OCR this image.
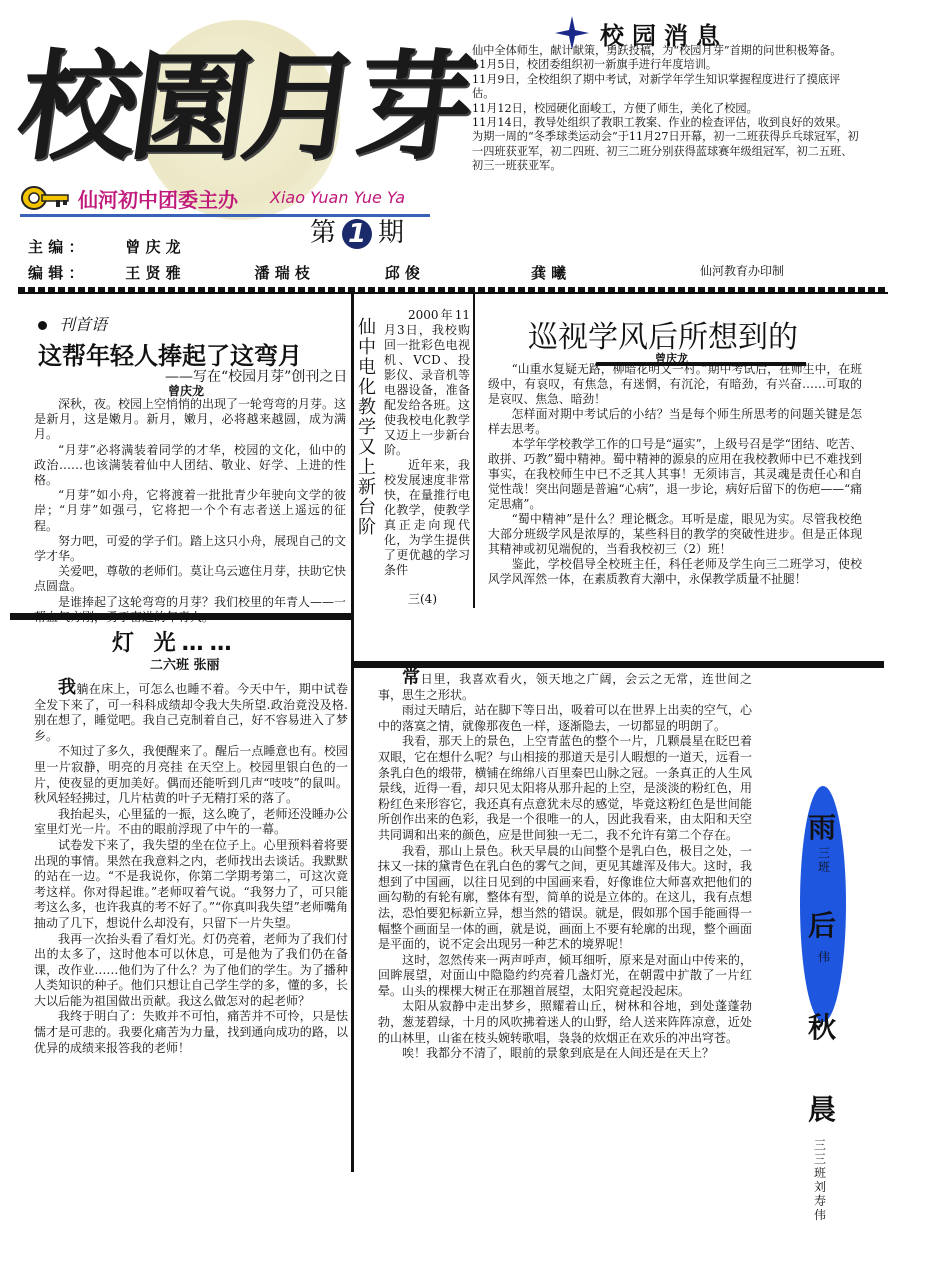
校園月芽
仙河初中团委主办 Xiao Yuan Yue Ya
第 1 期
主 编 ：	曾 庆 龙
编 辑 ：	王 贤 雅	潘 瑞 枝	邱 俊	龚 曦	仙河教育办印制
校园消息

仙中全体师生，献计献策，勇跃投稿，为“校园月芽”首期的问世积极筹备。

11月5日，校团委组织初一新旗手进行年度培训。

11月9日，全校组织了期中考试，对新学年学生知识掌握程度进行了摸底评估。

11月12日，校园硬化面峻工，方便了师生，美化了校园。

11月14日，教导处组织了教职工教案、作业的检查评估，收到良好的效果。

为期一周的“冬季球类运动会”于11月27日开幕，初一二班获得乒乓球冠军，初一四班获亚军，初二四班、初三二班分别获得蓝球赛年级组冠军，初二五班、初三一班获亚军。

刊首语
这帮年轻人捧起了这弯月
——写在“校园月芽”创刊之日
曾庆龙

深秋，夜。校园上空悄悄的出现了一轮弯弯的月芽。这是新月，这是嫩月。新月，嫩月，必将越来越圆，成为满月。

“月芽”必将满装着同学的才华，校园的文化，仙中的政治……也该满装着仙中人团结、敬业、好学、上进的性格。

“月芽”如小舟，它将渡着一批批青少年驶向文学的彼岸；“月芽”如强弓，它将把一个个有志者送上遥远的征程。

努力吧，可爱的学子们。踏上这只小舟，展现自己的文学才华。

关爱吧，尊敬的老师们。莫让乌云遮住月芽，扶助它快点圆盘。

是谁捧起了这轮弯弯的月芽？我们校里的年青人——一帮血气方刚，勇于奋进的年青人。

仙中电化教学又上新台阶

2000年11月3日，我校购回一批彩色电视机、VCD、投影仪、录音机等电器设备，准备配发给各班。这使我校电化教学又迈上一步新台阶。

近年来，我校发展速度非常快，在量推行电化教学，使教学真正走向现代化，为学生提供了更优越的学习条件

三(4)

巡视学风后所想到的
曾庆龙

“山重水复疑无路，柳暗花明又一村。”期中考试后，在师生中，在班级中，有哀叹，有焦急，有迷惘，有沉沦，有暗劲，有兴奋……可取的是哀叹、焦急、暗劲！

怎样面对期中考试后的小结？当是每个师生所思考的问题关键是怎样去思考。

本学年学校教学工作的口号是“逼实”，上级号召是学“团结、吃苦、敢拼、巧教”蜀中精神。蜀中精神的源泉的应用在我校教师中已不难找到事实，在我校师生中已不乏其人其事！无须讳言，其灵魂是责任心和自觉性哉！突出问题是普遍“心病”，退一步论，病好后留下的伤疤——“痛定思痛”。

“蜀中精神”是什么？理论概念。耳听是虚，眼见为实。尽管我校绝大部分班级学风是浓厚的，某些科目的教学的突破性进步。但是正体现其精神或初见端倪的，当看我校初三（2）班！

鉴此，学校倡导全校班主任，科任老师及学生向三二班学习，使校风学风浑然一体，在素质教育大潮中，永保教学质量不扯腿！

灯 光……
二六班 张丽

我躺在床上，可怎么也睡不着。今天中午，期中试卷全发下来了，可一科科成绩却令我大失所望.政治竟没及格.别在想了，睡觉吧。我自己克制着自己，好不容易进入了梦乡。

不知过了多久，我便醒来了。醒后一点睡意也有。校园里一片寂静，明亮的月亮挂 在天空上。校园里银白色的一片，使夜显的更加美好。偶而还能听到几声“吱吱”的鼠叫。秋风轻轻拂过，几片枯黄的叶子无精打采的落了。

我抬起头，心里猛的一振，这么晚了，老师还没睡办公室里灯光一片。不由的眼前浮现了中午的一幕。

试卷发下来了，我失望的坐在位子上。心里预料着将要出现的事情。果然在我意料之内，老师找出去谈话。我默默的站在一边。“不是我说你，你第二学期考第二，可这次竟考这样。你对得起谁。”老师叹着气说。“我努力了，可只能考这么多，也许我真的考不好了。”“你真叫我失望”老师嘴角抽动了几下，想说什么却没有，只留下一片失望。

我再一次抬头看了看灯光。灯仍亮着，老师为了我们付出的太多了，这时他本可以休息，可是他为了我们仍在备课，改作业……他们为了什么？为了他们的学生。为了播种人类知识的种子。他们只想让自己学生学的多，懂的多，长大以后能为祖国做出贡献。我这么做怎对的起老师？

我终于明白了：失败并不可怕，痛苦并不可怜，只是怯懦才是可悲的。我要化痛苦为力量，找到通向成功的路，以优异的成绩来报答我的老师！

常日里，我喜欢看火，领天地之广阔，会云之无常，连世间之事，思生之形状。

雨过天晴后，站在脚下等日出，吸着可以在世界上出卖的空气，心中的落寞之情，就像那夜色一样，逐渐隐去，一切都显的明朗了。

我看，那天上的景色，上空青蓝色的整个一片，几颗晨星在眨巴着双眼，它在想什么呢？与山相接的那道天是引人暇想的一道天，远看一条乳白色的缎带，横铺在绵绵八百里秦巴山脉之冠。一条真正的人生风景线，近得一看，却只见太阳将从那升起的上空，是淡淡的粉红色，用粉红色来形容它，我还真有点意犹未尽的感觉，毕竟这粉红色是世间能所创作出来的色彩，我是一个很唯一的人，因此我看来，由太阳和天空共同调和出来的颜色，应是世间独一无二，我不允许有第二个存在。

我看，那山上景色。秋天早晨的山间整个是乳白色，极目之处，一抹又一抹的黛青色在乳白色的雾气之间，更见其雄浑及伟大。这时，我想到了中国画，以往日见到的中国画来看，好像谁位大师喜欢把他们的画勾勒的有轮有廓，整体有型，简单的说是立体的。在这儿，我有点想法，恐怕要犯标新立异，想当然的错误。就是，假如那个国手能画得一幅整个画面呈一体的画，就是说，画面上不要有轮廓的出现，整个画面是平面的，说不定会出现另一种艺术的境界呢！

这时，忽然传来一两声呼声，倾耳细听，原来是对面山中传来的，回眸展望，对面山中隐隐约约亮着几盏灯光，在朝霞中扩散了一片红晕。山头的棵棵大树正在那翘首展望，太阳究竟起没起床。

太阳从寂静中走出梦乡，照耀着山丘，树林和谷地，到处蓬蓬勃勃，葱茏碧绿，十月的风吹拂着迷人的山野，给人送来阵阵凉意，近处的山林里，山雀在枝头婉转歌唱，袅袅的炊烟正在欢乐的冲出穹苍。

唉！我都分不清了，眼前的景象到底是在人间还是在天上？

雨
三班
后
伟
秋
晨
三三班刘寿伟
